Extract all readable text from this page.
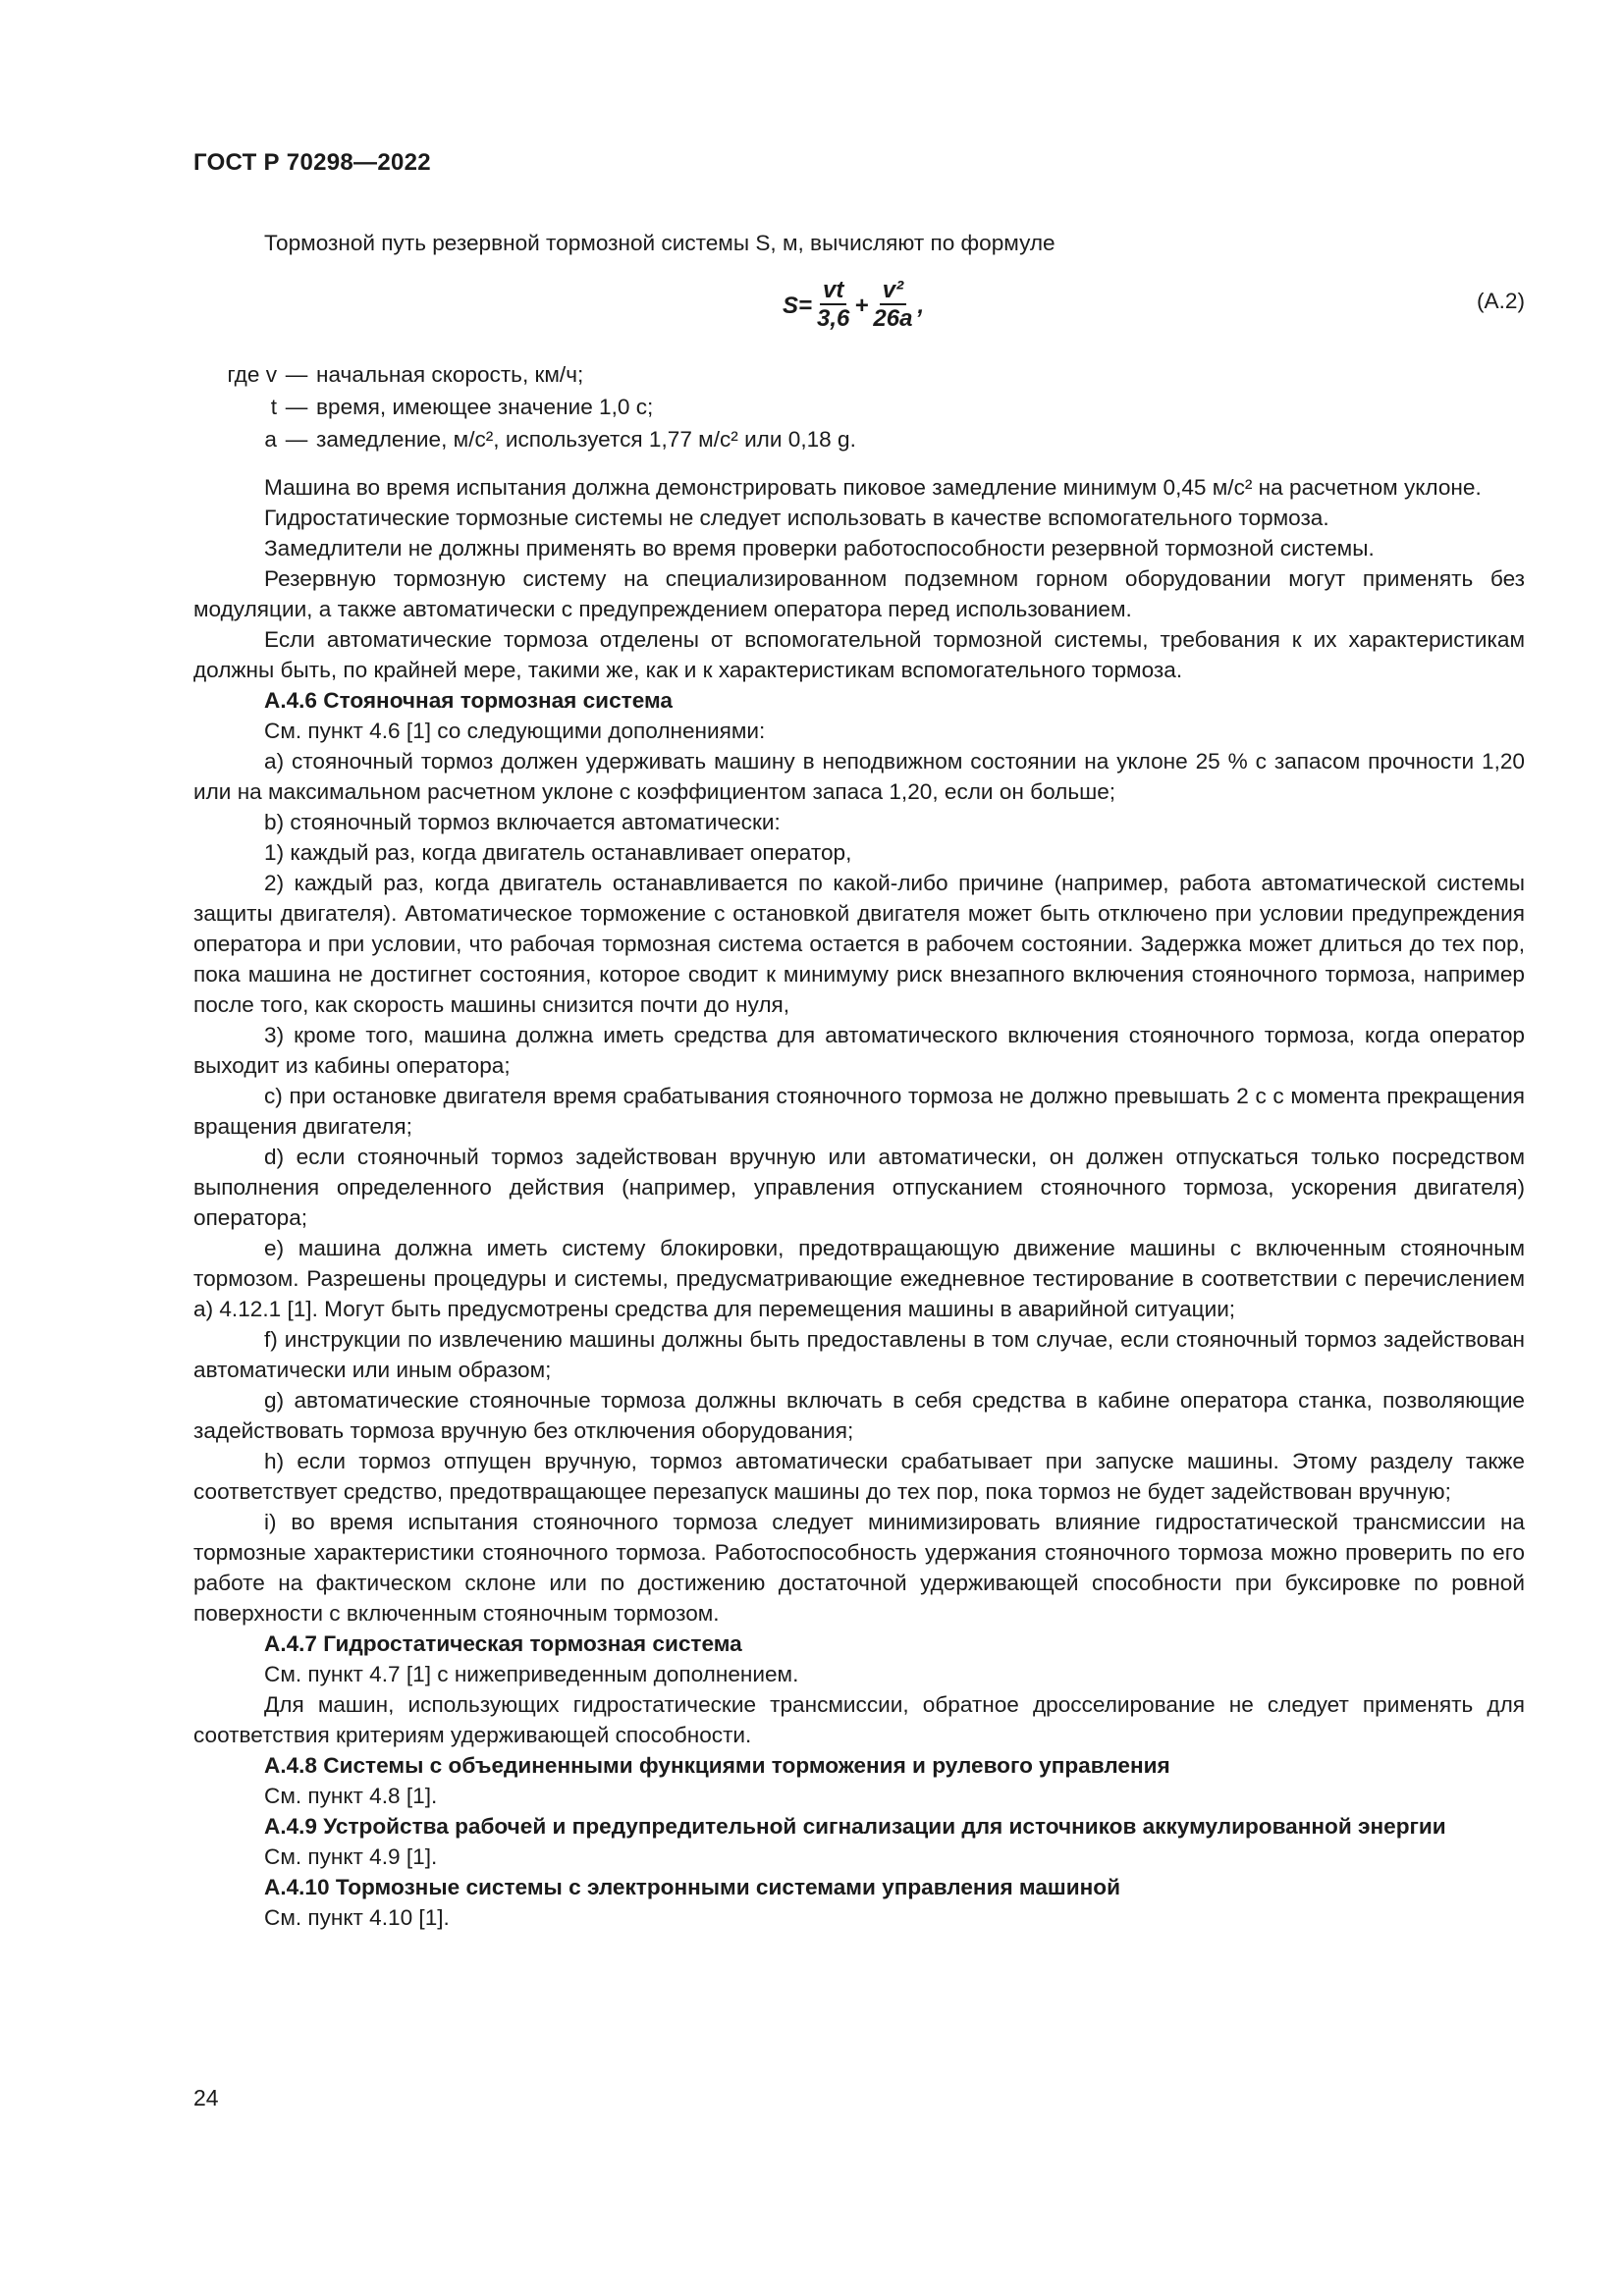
ГОСТ Р 70298—2022

Тормозной путь резервной тормозной системы S, м, вычисляют по формуле

$S = \frac{vt}{3,6} + \frac{\text{v²}}{26a}$ ,	(A.2)
где v — начальная скорость, км/ч;
t — время, имеющее значение 1,0 с;
a — замедление, м/с², используется 1,77 м/с² или 0,18 g.

Машина во время испытания должна демонстрировать пиковое замедление минимум 0,45 м/с² на расчетном уклоне.

Гидростатические тормозные системы не следует использовать в качестве вспомогательного тормоза.

Замедлители не должны применять во время проверки работоспособности резервной тормозной системы.

Резервную тормозную систему на специализированном подземном горном оборудовании могут применять без модуляции, а также автоматически с предупреждением оператора перед использованием.

Если автоматические тормоза отделены от вспомогательной тормозной системы, требования к их характеристикам должны быть, по крайней мере, такими же, как и к характеристикам вспомогательного тормоза.

А.4.6 Стояночная тормозная система

См. пункт 4.6 [1] со следующими дополнениями:

a) стояночный тормоз должен удерживать машину в неподвижном состоянии на уклоне 25 % с запасом прочности 1,20 или на максимальном расчетном уклоне с коэффициентом запаса 1,20, если он больше;

b) стояночный тормоз включается автоматически:

1) каждый раз, когда двигатель останавливает оператор,

2) каждый раз, когда двигатель останавливается по какой-либо причине (например, работа автоматической системы защиты двигателя). Автоматическое торможение с остановкой двигателя может быть отключено при условии предупреждения оператора и при условии, что рабочая тормозная система остается в рабочем состоянии. Задержка может длиться до тех пор, пока машина не достигнет состояния, которое сводит к минимуму риск внезапного включения стояночного тормоза, например после того, как скорость машины снизится почти до нуля,

3) кроме того, машина должна иметь средства для автоматического включения стояночного тормоза, когда оператор выходит из кабины оператора;

c) при остановке двигателя время срабатывания стояночного тормоза не должно превышать 2 с с момента прекращения вращения двигателя;

d) если стояночный тормоз задействован вручную или автоматически, он должен отпускаться только посредством выполнения определенного действия (например, управления отпусканием стояночного тормоза, ускорения двигателя) оператора;

e) машина должна иметь систему блокировки, предотвращающую движение машины с включенным стояночным тормозом. Разрешены процедуры и системы, предусматривающие ежедневное тестирование в соответствии с перечислением a) 4.12.1 [1]. Могут быть предусмотрены средства для перемещения машины в аварийной ситуации;

f) инструкции по извлечению машины должны быть предоставлены в том случае, если стояночный тормоз задействован автоматически или иным образом;

g) автоматические стояночные тормоза должны включать в себя средства в кабине оператора станка, позволяющие задействовать тормоза вручную без отключения оборудования;

h) если тормоз отпущен вручную, тормоз автоматически срабатывает при запуске машины. Этому разделу также соответствует средство, предотвращающее перезапуск машины до тех пор, пока тормоз не будет задействован вручную;

i) во время испытания стояночного тормоза следует минимизировать влияние гидростатической трансмиссии на тормозные характеристики стояночного тормоза. Работоспособность удержания стояночного тормоза можно проверить по его работе на фактическом склоне или по достижению достаточной удерживающей способности при буксировке по ровной поверхности с включенным стояночным тормозом.

А.4.7 Гидростатическая тормозная система

См. пункт 4.7 [1] с нижеприведенным дополнением.

Для машин, использующих гидростатические трансмиссии, обратное дросселирование не следует применять для соответствия критериям удерживающей способности.

А.4.8 Системы с объединенными функциями торможения и рулевого управления

См. пункт 4.8 [1].

А.4.9 Устройства рабочей и предупредительной сигнализации для источников аккумулированной энергии

См. пункт 4.9 [1].

А.4.10 Тормозные системы с электронными системами управления машиной

См. пункт 4.10 [1].

24
